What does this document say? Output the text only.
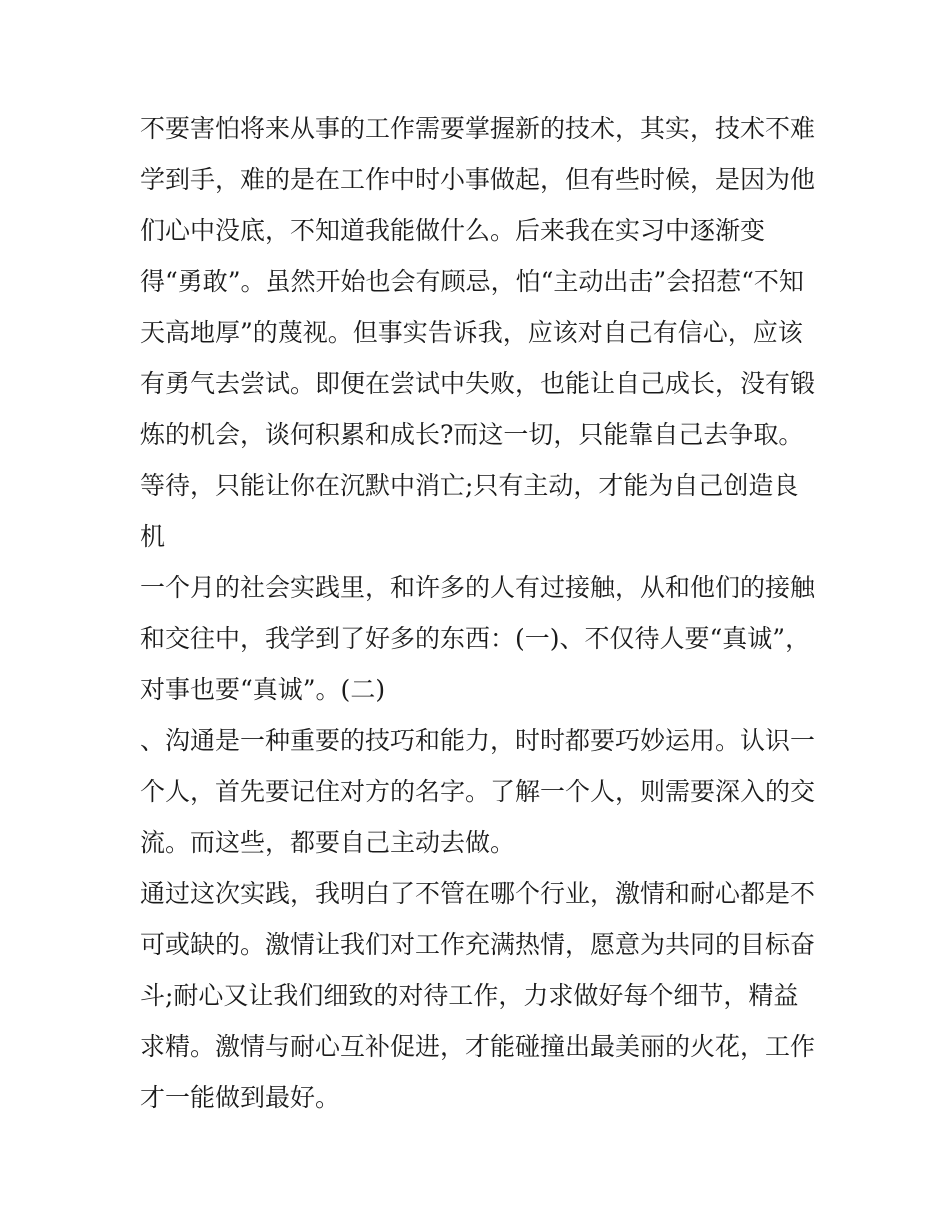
不要害怕将来从事的工作需要掌握新的技术，其实，技术不难
学到手，难的是在工作中时小事做起，但有些时候，是因为他
们心中没底，不知道我能做什么。后来我在实习中逐渐变
得“勇敢”。虽然开始也会有顾忌，怕“主动出击”会招惹“不知
天高地厚”的蔑视。但事实告诉我，应该对自己有信心，应该
有勇气去尝试。即便在尝试中失败，也能让自己成长，没有锻
炼的机会，谈何积累和成长?而这一切，只能靠自己去争取。
等待，只能让你在沉默中消亡;只有主动，才能为自己创造良
机
一个月的社会实践里，和许多的人有过接触，从和他们的接触
和交往中，我学到了好多的东西：(一)、不仅待人要“真诚”，
对事也要“真诚”。(二)
、沟通是一种重要的技巧和能力，时时都要巧妙运用。认识一
个人，首先要记住对方的名字。了解一个人，则需要深入的交
流。而这些，都要自己主动去做。
通过这次实践，我明白了不管在哪个行业，激情和耐心都是不
可或缺的。激情让我们对工作充满热情，愿意为共同的目标奋
斗;耐心又让我们细致的对待工作，力求做好每个细节，精益
求精。激情与耐心互补促进，才能碰撞出最美丽的火花，工作
才一能做到最好。
